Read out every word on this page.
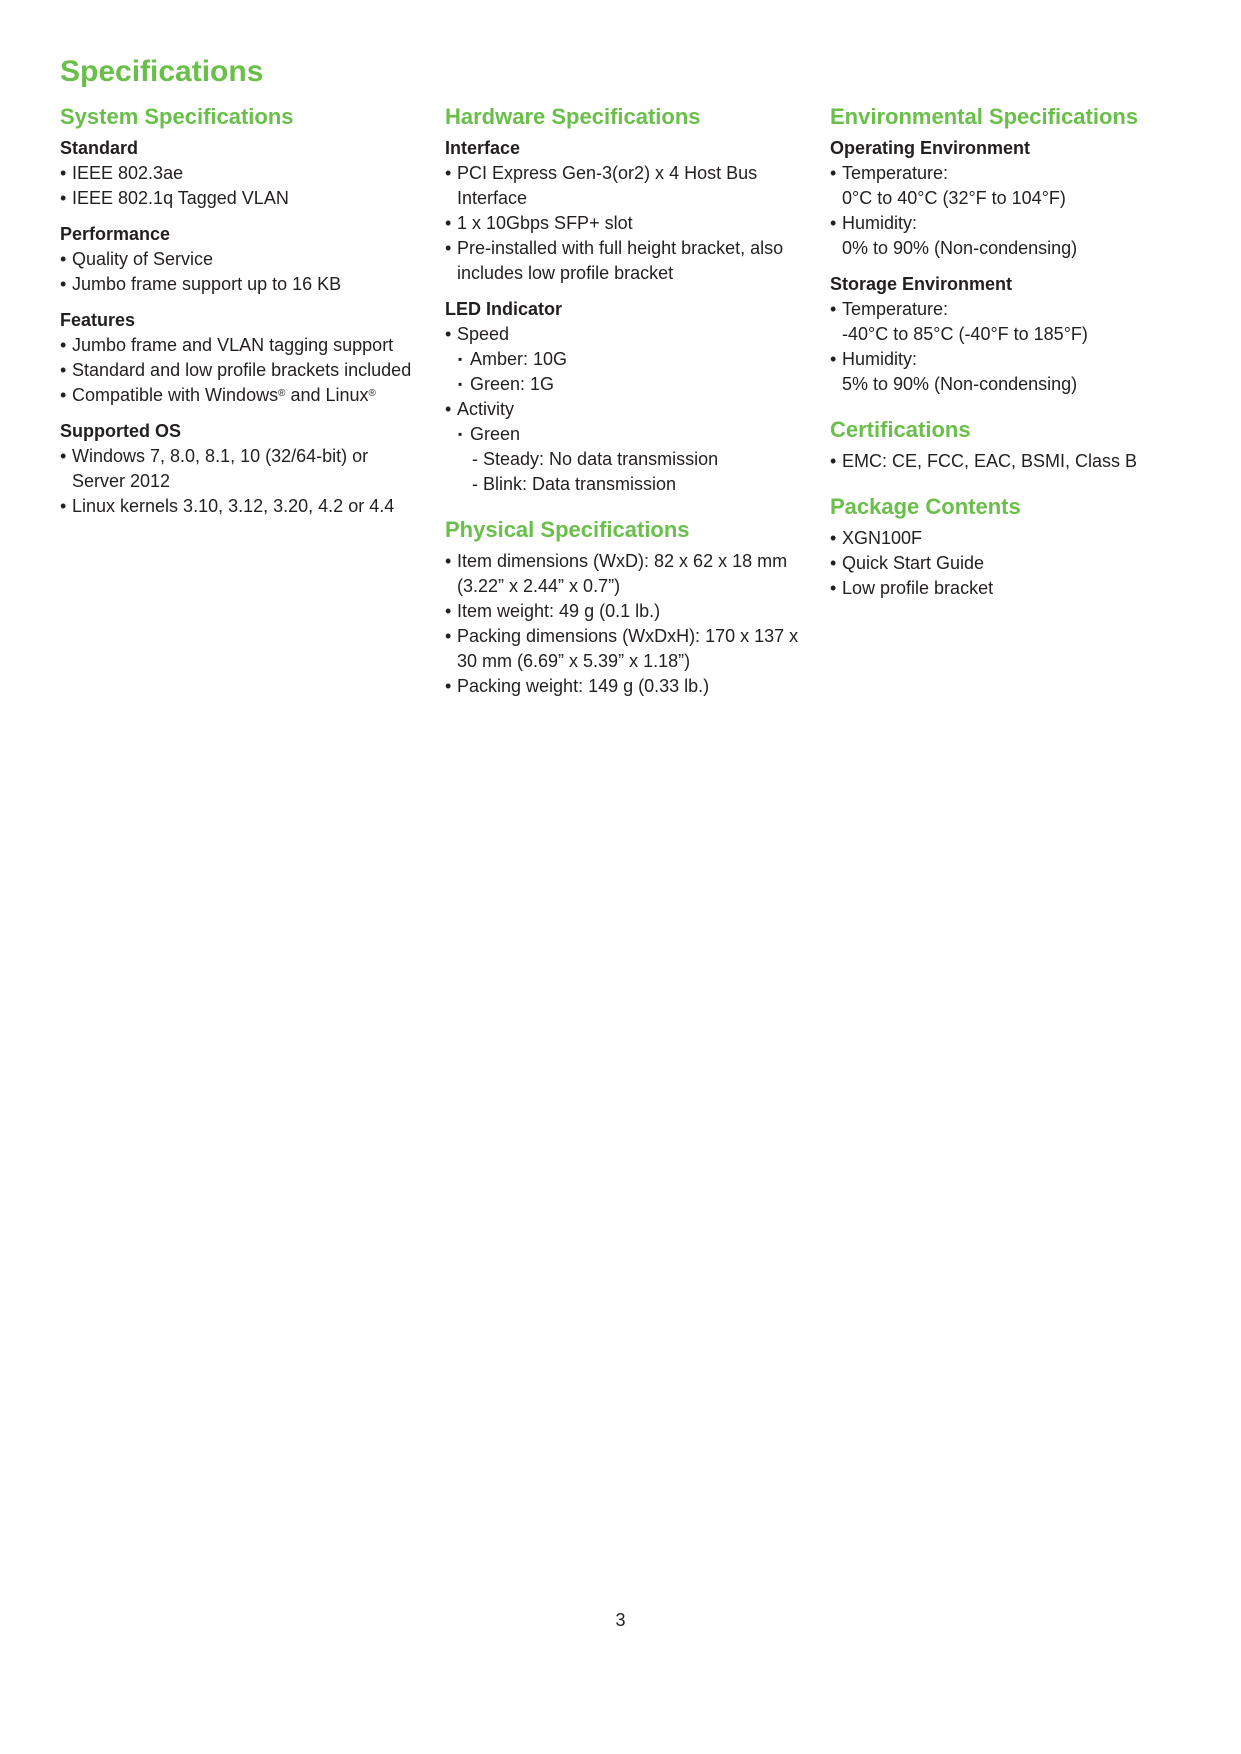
Specifications
System Specifications
Standard
• IEEE 802.3ae
• IEEE 802.1q Tagged VLAN
Performance
• Quality of Service
• Jumbo frame support up to 16 KB
Features
• Jumbo frame and VLAN tagging support
• Standard and low profile brackets included
• Compatible with Windows® and Linux®
Supported OS
• Windows 7, 8.0, 8.1, 10 (32/64-bit) or Server 2012
• Linux kernels 3.10, 3.12, 3.20, 4.2 or 4.4
Hardware Specifications
Interface
• PCI Express Gen-3(or2) x 4 Host Bus Interface
• 1 x 10Gbps SFP+ slot
• Pre-installed with full height bracket, also includes low profile bracket
LED Indicator
• Speed
▪ Amber: 10G
▪ Green: 1G
• Activity
▪ Green
- Steady: No data transmission
- Blink: Data transmission
Physical Specifications
• Item dimensions (WxD): 82 x 62 x 18 mm (3.22” x 2.44” x 0.7”)
• Item weight: 49 g (0.1 lb.)
• Packing dimensions (WxDxH): 170 x 137 x 30 mm (6.69” x 5.39” x 1.18”)
• Packing weight: 149 g (0.33 lb.)
Environmental Specifications
Operating Environment
• Temperature:
0°C to 40°C (32°F to 104°F)
• Humidity:
0% to 90% (Non-condensing)
Storage Environment
• Temperature:
-40°C to 85°C (-40°F to 185°F)
• Humidity:
5% to 90% (Non-condensing)
Certifications
• EMC: CE, FCC, EAC, BSMI, Class B
Package Contents
• XGN100F
• Quick Start Guide
• Low profile bracket
3
